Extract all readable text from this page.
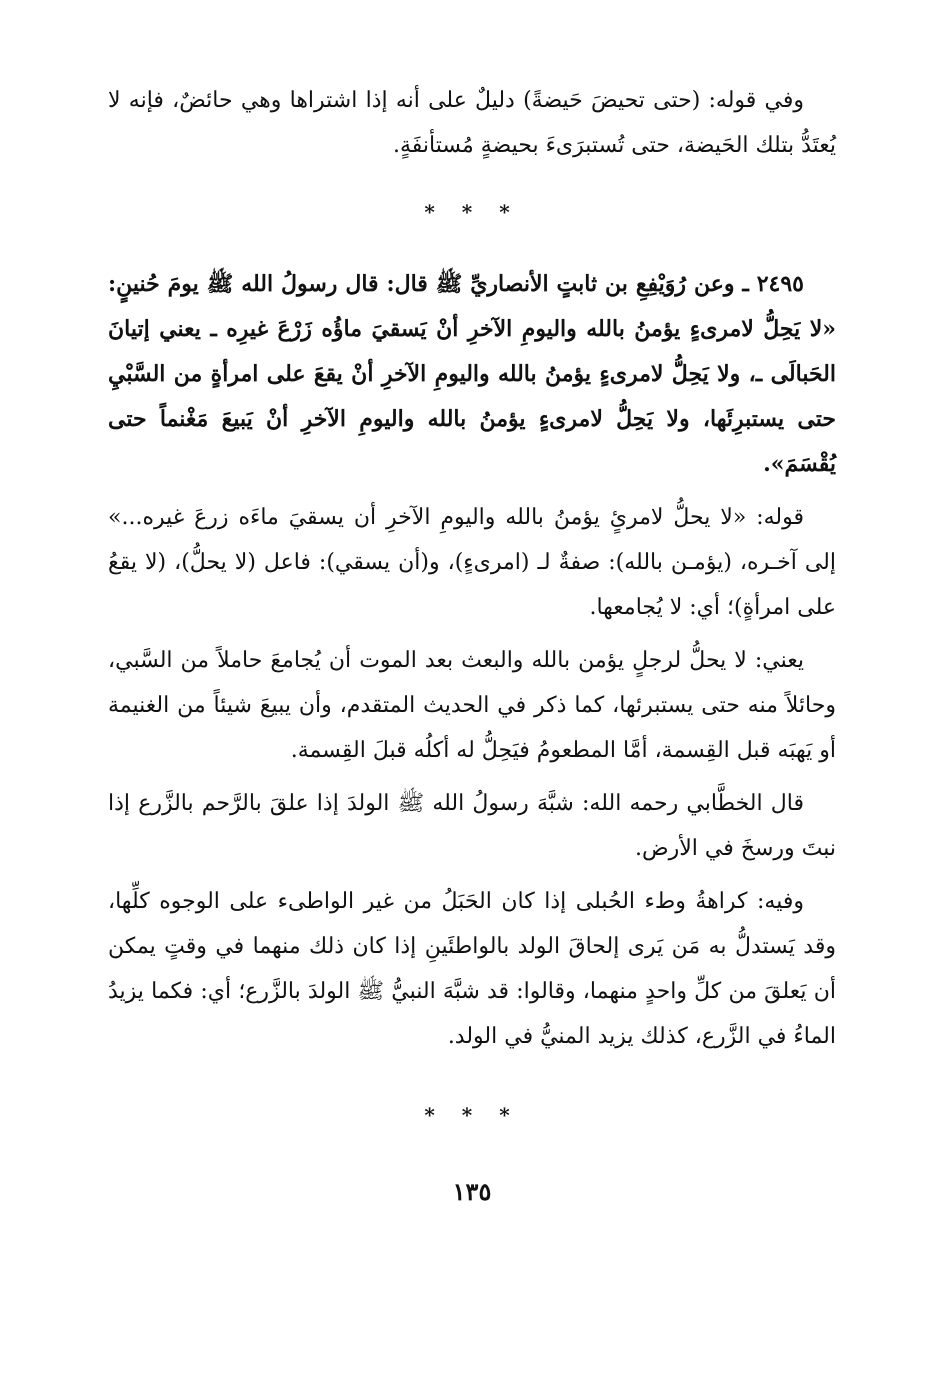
وفي قوله: (حتى تحيضَ حَيضةً) دليلٌ على أنه إذا اشتراها وهي حائضٌ، فإنه لا يُعتَدُّ بتلك الحَيضة، حتى تُستبرَىءَ بحيضةٍ مُستأنفَةٍ.

* * *

٢٤٩٥ ـ وعن رُوَيْفِعِ بن ثابتٍ الأنصاريِّ ﷺ قال: قال رسولُ الله ﷺ يومَ حُنينٍ: «لا يَحِلُّ لامرىءٍ يؤمنُ بالله واليومِ الآخرِ أنْ يَسقيَ ماؤُه زَرْعَ غيرِه ـ يعني إتيانَ الحَبالَى ـ، ولا يَحِلُّ لامرىءٍ يؤمنُ بالله واليومِ الآخرِ أنْ يقعَ على امرأةٍ من السَّبْيِ حتى يستبرِئَها، ولا يَحِلُّ لامرىءٍ يؤمنُ بالله واليومِ الآخرِ أنْ يَبيعَ مَغْنماً حتى يُقْسَمَ».

قوله: «لا يحلُّ لامرئٍ يؤمنُ بالله واليومِ الآخرِ أن يسقيَ ماءَه زرعَ غيره...» إلى آخـره، (يؤمـن بالله): صفةٌ لـ (امرىءٍ)، و(أن يسقي): فاعل (لا يحلُّ)، (لا يقعُ على امرأةٍ)؛ أي: لا يُجامعها.

يعني: لا يحلُّ لرجلٍ يؤمن بالله والبعث بعد الموت أن يُجامعَ حاملاً من السَّبي، وحائلاً منه حتى يستبرئها، كما ذكر في الحديث المتقدم، وأن يبيعَ شيئاً من الغنيمة أو يَهبَه قبل القِسمة، أمَّا المطعومُ فيَحِلُّ له أكلُه قبلَ القِسمة.

قال الخطَّابي رحمه الله: شبَّهَ رسولُ الله ﷺ الولدَ إذا علقَ بالرَّحم بالزَّرع إذا نبتَ ورسخَ في الأرض.

وفيه: كراهةُ وطء الحُبلى إذا كان الحَبَلُ من غير الواطىء على الوجوه كلِّها، وقد يَستدلُّ به مَن يَرى إلحاقَ الولد بالواطئَينِ إذا كان ذلك منهما في وقتٍ يمكن أن يَعلقَ من كلِّ واحدٍ منهما، وقالوا: قد شبَّهَ النبيُّ ﷺ الولدَ بالزَّرع؛ أي: فكما يزيدُ الماءُ في الزَّرع، كذلك يزيد المنيُّ في الولد.

* * *
١٣٥
